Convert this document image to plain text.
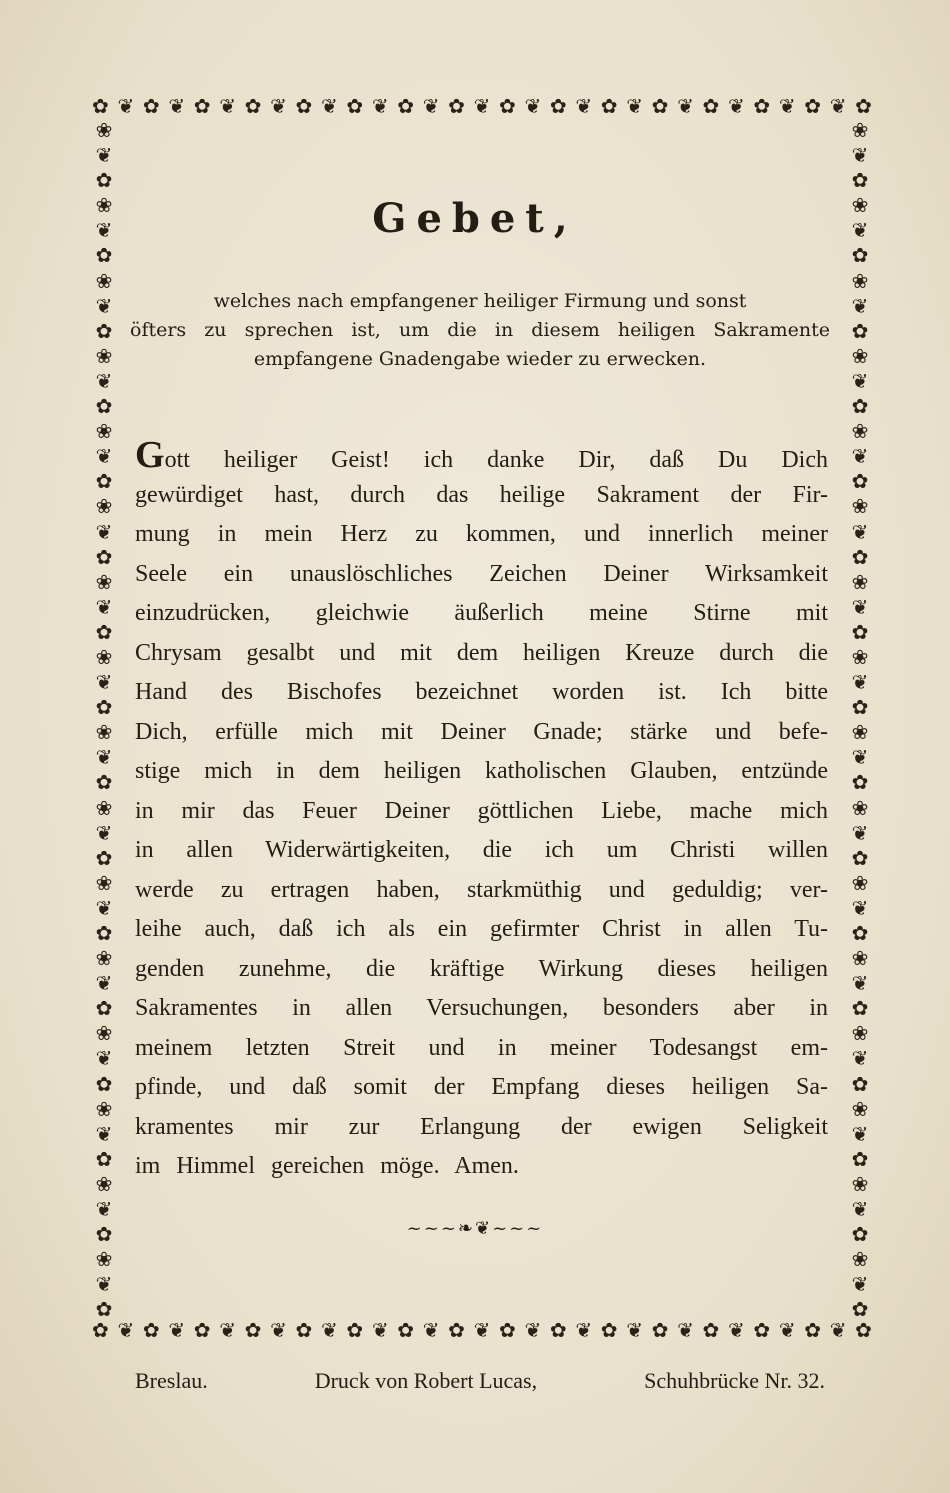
✿ ❦ ✿ ❦ ✿ ❦ ✿ ❦ ✿ ❦ ✿ ❦ ✿ ❦ ✿ ❦ ✿ ❦ ✿ ❦ ✿ ❦ ✿ ❦ ✿ ❦ ✿ ❦ ✿ ❦ ✿
✿ ❦ ✿ ❦ ✿ ❦ ✿ ❦ ✿ ❦ ✿ ❦ ✿ ❦ ✿ ❦ ✿ ❦ ✿ ❦ ✿ ❦ ✿ ❦ ✿ ❦ ✿ ❦ ✿ ❦ ✿
❀
❦
✿
❀
❦
✿
❀
❦
✿
❀
❦
✿
❀
❦
✿
❀
❦
✿
❀
❦
✿
❀
❦
✿
❀
❦
✿
❀
❦
✿
❀
❦
✿
❀
❦
✿
❀
❦
✿
❀
❦
✿
❀
❦
✿
❀
❦
✿
❀
❦
✿
❀
❦
✿
❀
❦
✿
❀
❦
✿
❀
❦
✿
❀
❦
✿
❀
❦
✿
❀
❦
✿
❀
❦
✿
❀
❦
✿
❀
❦
✿
❀
❦
✿
❀
❦
✿
❀
❦
✿
❀
❦
✿
❀
❦
✿
Gebet,
welches nach empfangener heiliger Firmung und sonst
öfters zu sprechen ist, um die in diesem heiligen Sakramente
empfangene Gnadengabe wieder zu erwecken.
Gott heiliger Geist! ich danke Dir, daß Du Dich
gewürdiget hast, durch das heilige Sakrament der Fir-
mung in mein Herz zu kommen, und innerlich meiner
Seele ein unauslöschliches Zeichen Deiner Wirksamkeit
einzudrücken, gleichwie äußerlich meine Stirne mit
Chrysam gesalbt und mit dem heiligen Kreuze durch die
Hand des Bischofes bezeichnet worden ist. Ich bitte
Dich, erfülle mich mit Deiner Gnade; stärke und befe-
stige mich in dem heiligen katholischen Glauben, entzünde
in mir das Feuer Deiner göttlichen Liebe, mache mich
in allen Widerwärtigkeiten, die ich um Christi willen
werde zu ertragen haben, starkmüthig und geduldig; ver-
leihe auch, daß ich als ein gefirmter Christ in allen Tu-
genden zunehme, die kräftige Wirkung dieses heiligen
Sakramentes in allen Versuchungen, besonders aber in
meinem letzten Streit und in meiner Todesangst em-
pfinde, und daß somit der Empfang dieses heiligen Sa-
kramentes mir zur Erlangung der ewigen Seligkeit
im Himmel gereichen möge. Amen.
~~~❧❦~~~
Breslau.	Druck von Robert Lucas,	Schuhbrücke Nr. 32.
